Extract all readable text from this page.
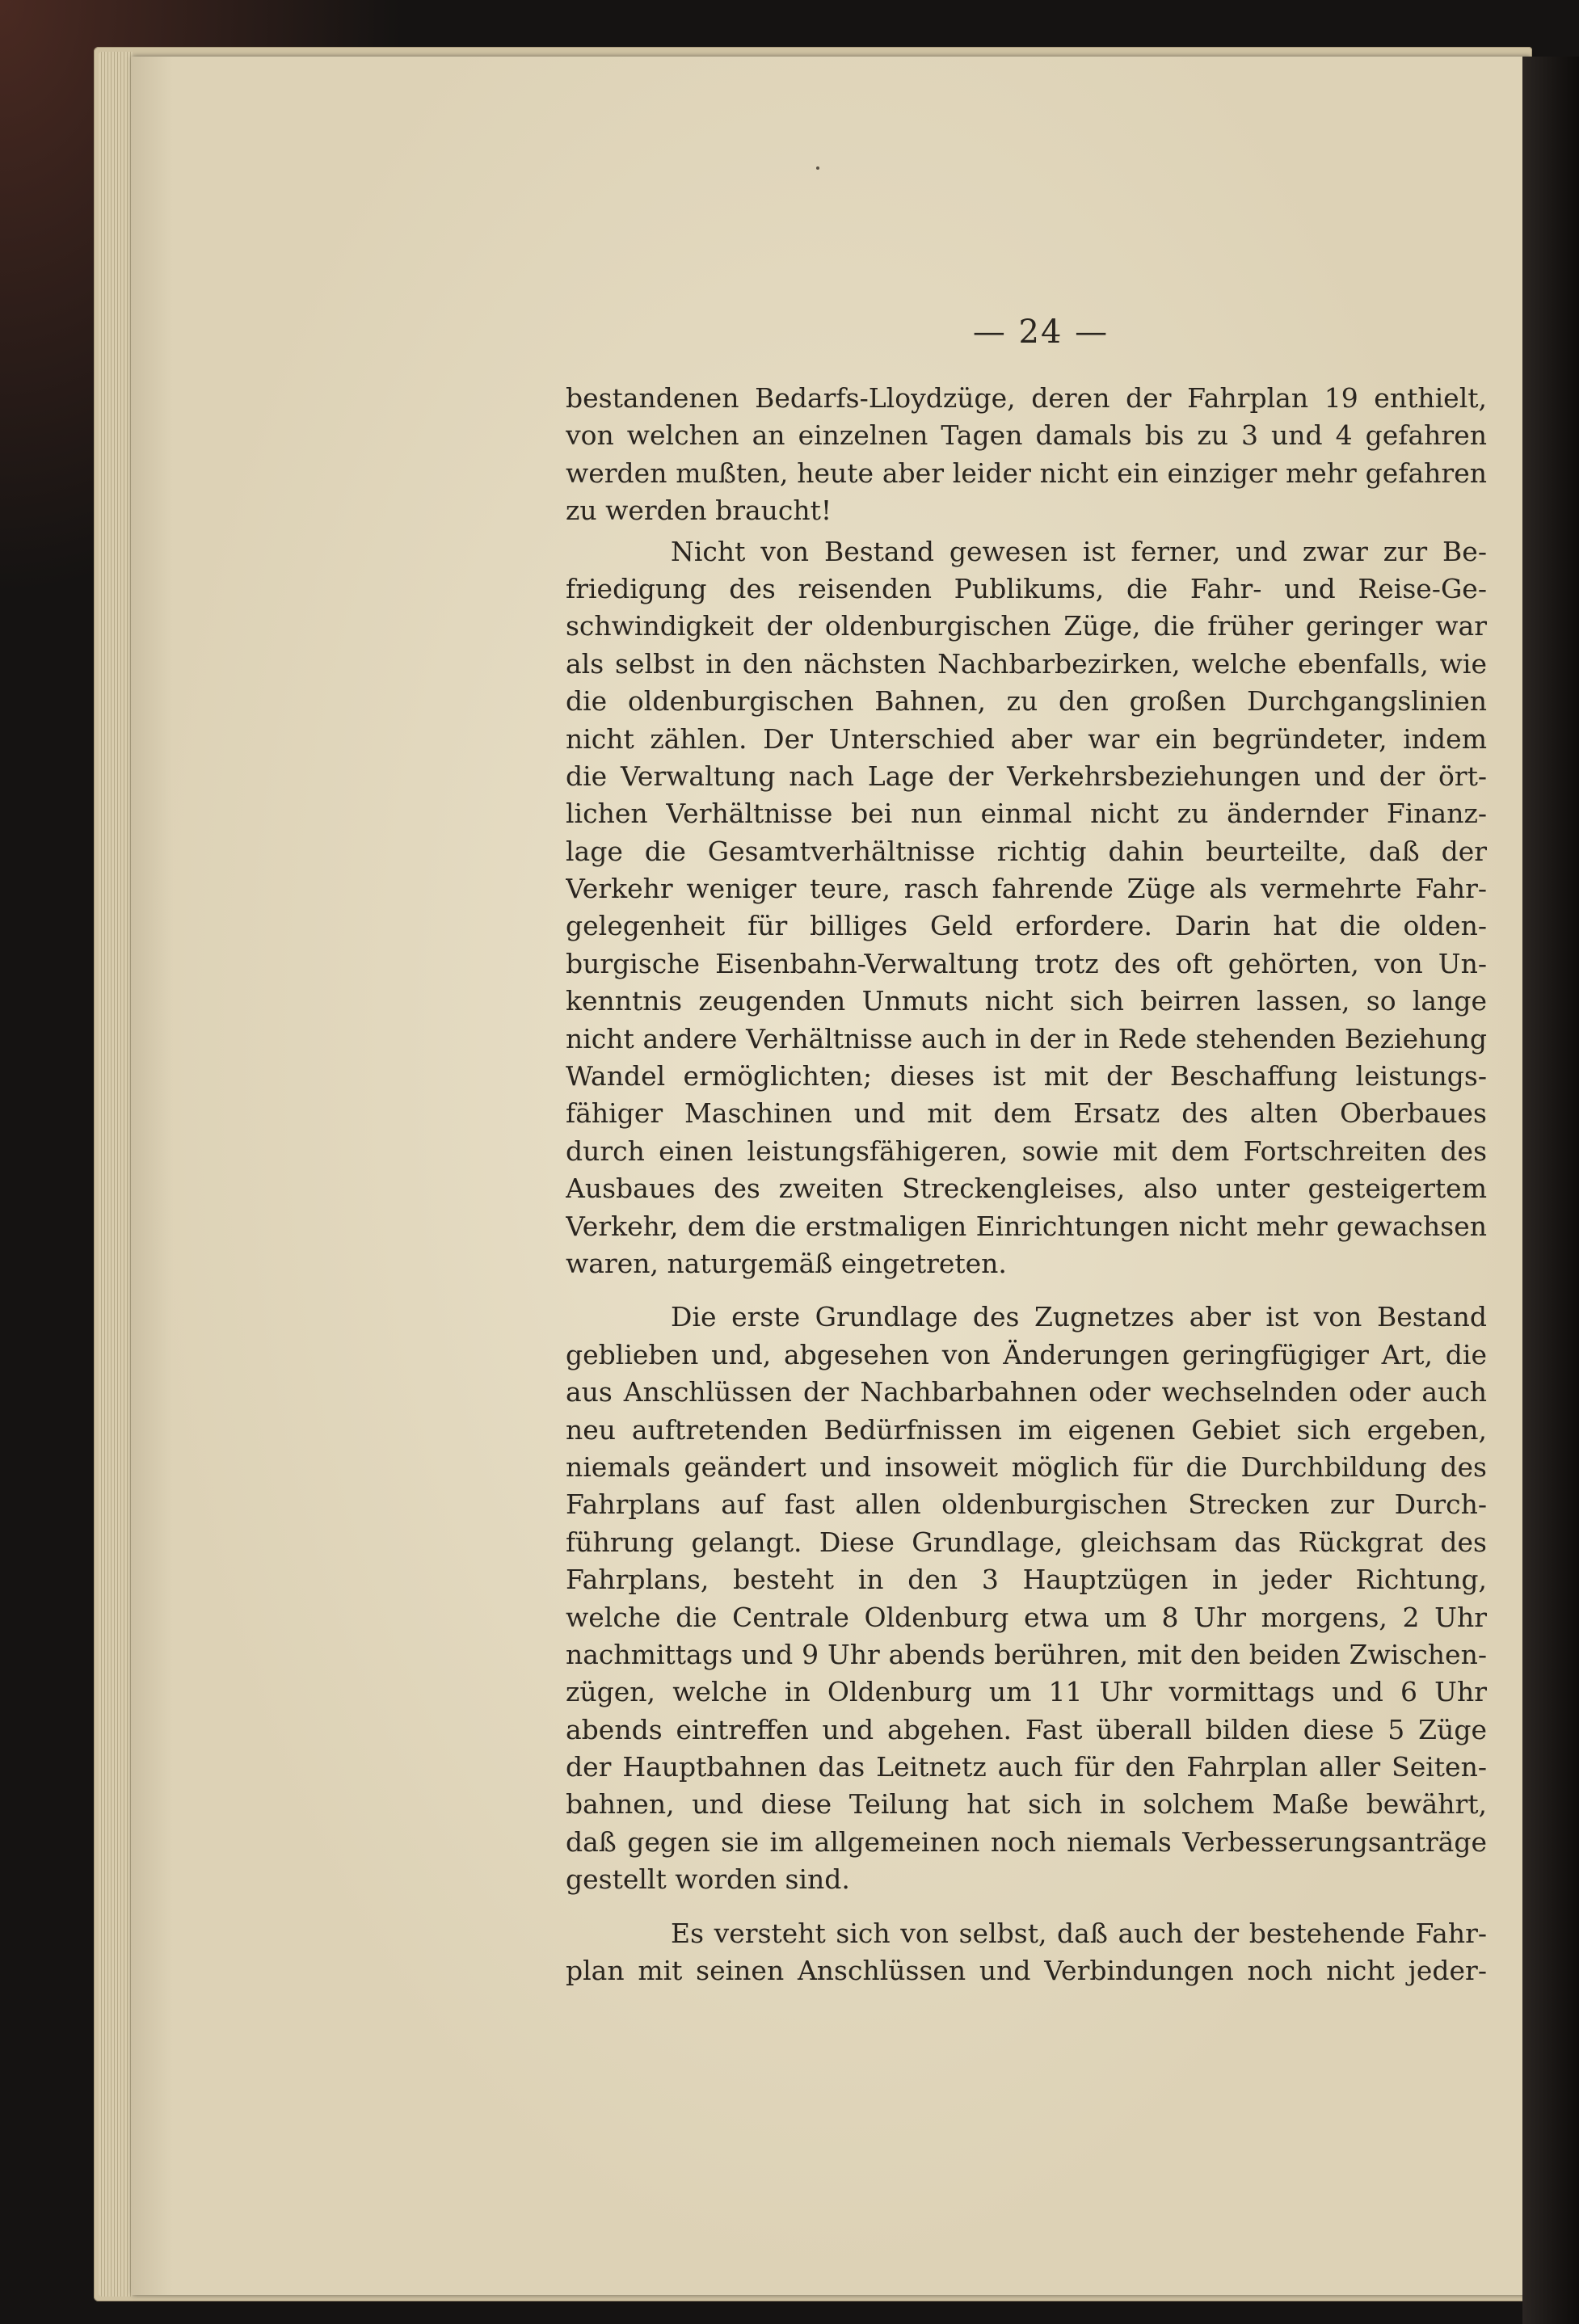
— 24 —
bestandenen Bedarfs-Lloydzüge, deren der Fahrplan 19 enthielt,
von welchen an einzelnen Tagen damals bis zu 3 und 4 gefahren
werden mußten, heute aber leider nicht ein einziger mehr gefahren
zu werden braucht!
Nicht von Bestand gewesen ist ferner, und zwar zur Be-
friedigung des reisenden Publikums, die Fahr- und Reise-Ge-
schwindigkeit der oldenburgischen Züge, die früher geringer war
als selbst in den nächsten Nachbarbezirken, welche ebenfalls, wie
die oldenburgischen Bahnen, zu den großen Durchgangslinien
nicht zählen. Der Unterschied aber war ein begründeter, indem
die Verwaltung nach Lage der Verkehrsbeziehungen und der ört-
lichen Verhältnisse bei nun einmal nicht zu ändernder Finanz-
lage die Gesamtverhältnisse richtig dahin beurteilte, daß der
Verkehr weniger teure, rasch fahrende Züge als vermehrte Fahr-
gelegenheit für billiges Geld erfordere. Darin hat die olden-
burgische Eisenbahn-Verwaltung trotz des oft gehörten, von Un-
kenntnis zeugenden Unmuts nicht sich beirren lassen, so lange
nicht andere Verhältnisse auch in der in Rede stehenden Beziehung
Wandel ermöglichten; dieses ist mit der Beschaffung leistungs-
fähiger Maschinen und mit dem Ersatz des alten Oberbaues
durch einen leistungsfähigeren, sowie mit dem Fortschreiten des
Ausbaues des zweiten Streckengleises, also unter gesteigertem
Verkehr, dem die erstmaligen Einrichtungen nicht mehr gewachsen
waren, naturgemäß eingetreten.
Die erste Grundlage des Zugnetzes aber ist von Bestand
geblieben und, abgesehen von Änderungen geringfügiger Art, die
aus Anschlüssen der Nachbarbahnen oder wechselnden oder auch
neu auftretenden Bedürfnissen im eigenen Gebiet sich ergeben,
niemals geändert und insoweit möglich für die Durchbildung des
Fahrplans auf fast allen oldenburgischen Strecken zur Durch-
führung gelangt. Diese Grundlage, gleichsam das Rückgrat des
Fahrplans, besteht in den 3 Hauptzügen in jeder Richtung,
welche die Centrale Oldenburg etwa um 8 Uhr morgens, 2 Uhr
nachmittags und 9 Uhr abends berühren, mit den beiden Zwischen-
zügen, welche in Oldenburg um 11 Uhr vormittags und 6 Uhr
abends eintreffen und abgehen. Fast überall bilden diese 5 Züge
der Hauptbahnen das Leitnetz auch für den Fahrplan aller Seiten-
bahnen, und diese Teilung hat sich in solchem Maße bewährt,
daß gegen sie im allgemeinen noch niemals Verbesserungsanträge
gestellt worden sind.
Es versteht sich von selbst, daß auch der bestehende Fahr-
plan mit seinen Anschlüssen und Verbindungen noch nicht jeder-
